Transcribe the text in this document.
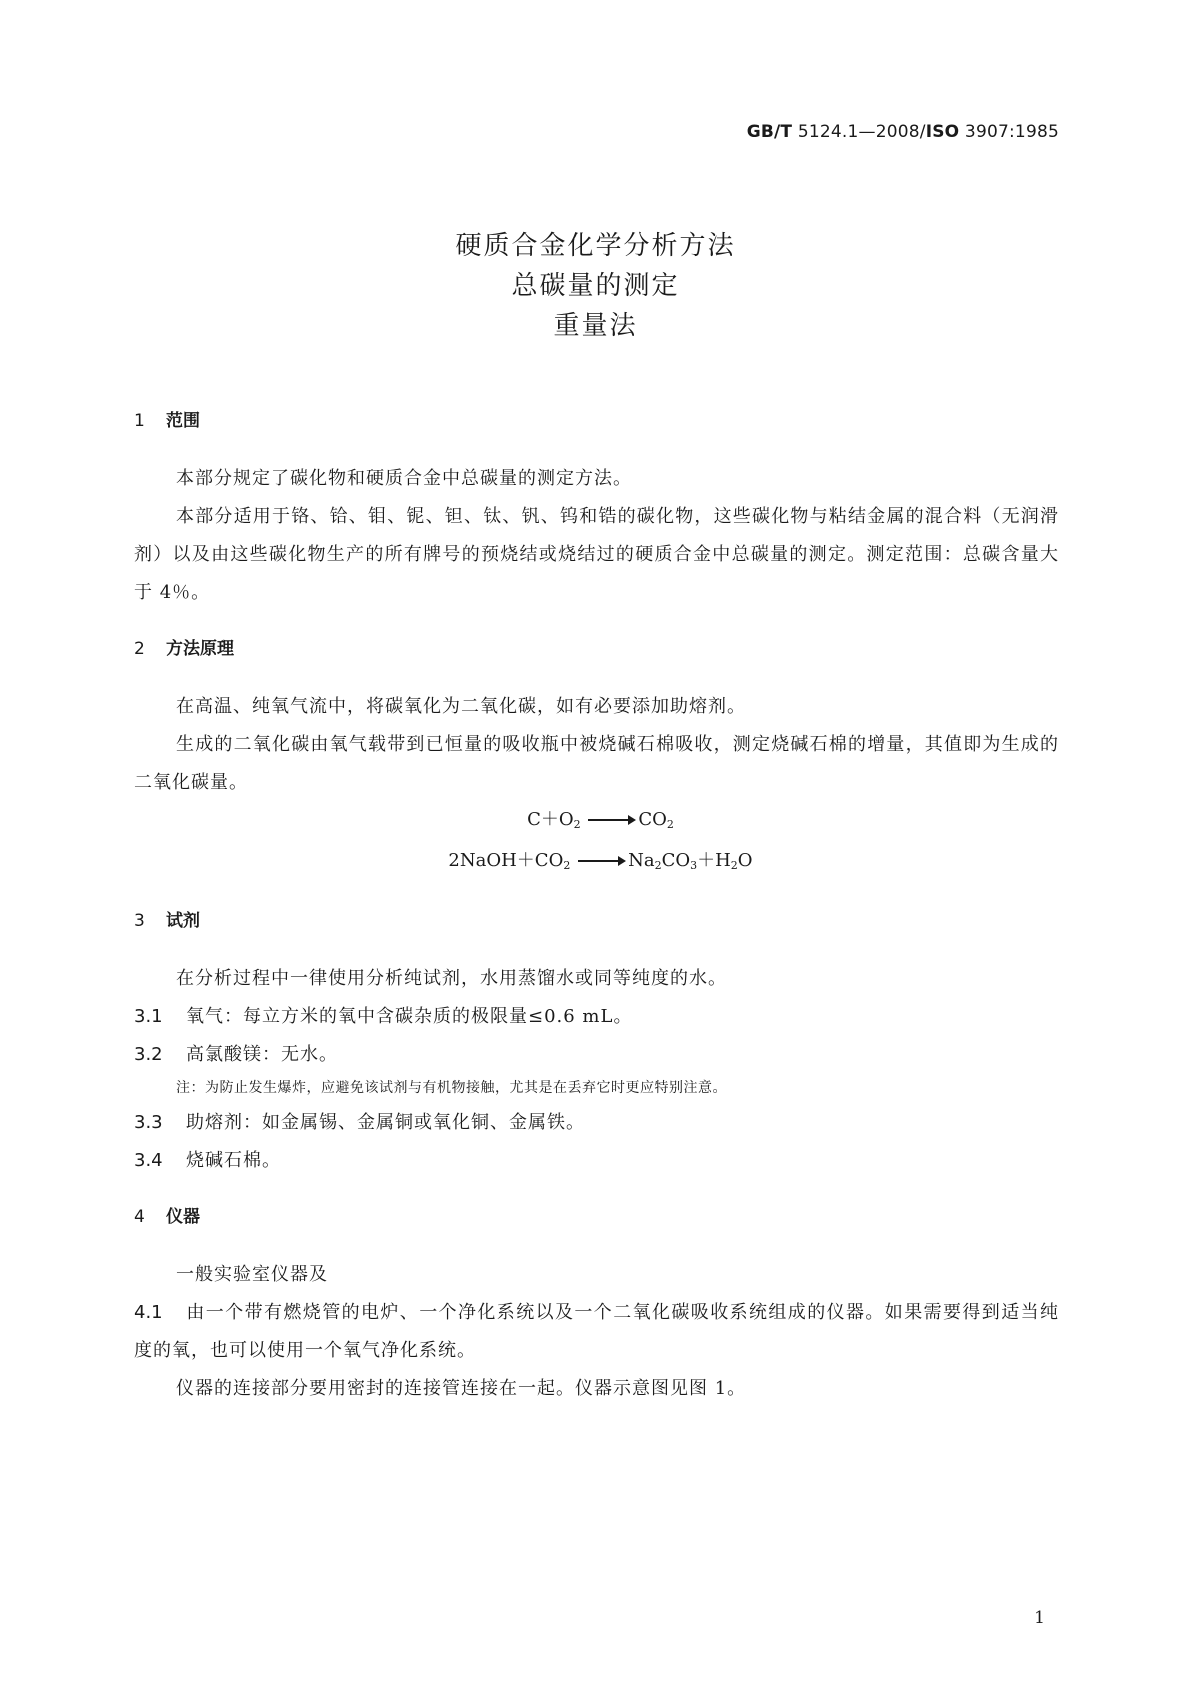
GB/T 5124.1—2008/ISO 3907:1985
硬质合金化学分析方法
总碳量的测定
重量法
1 范围

本部分规定了碳化物和硬质合金中总碳量的测定方法。

本部分适用于铬、铪、钼、铌、钽、钛、钒、钨和锆的碳化物，这些碳化物与粘结金属的混合料（无润滑剂）以及由这些碳化物生产的所有牌号的预烧结或烧结过的硬质合金中总碳量的测定。测定范围：总碳含量大于 4％。

2 方法原理

在高温、纯氧气流中，将碳氧化为二氧化碳，如有必要添加助熔剂。

生成的二氧化碳由氧气载带到已恒量的吸收瓶中被烧碱石棉吸收，测定烧碱石棉的增量，其值即为生成的二氧化碳量。

$C+O_2$	$CO_2$

$2NaOH+CO_2$	$Na_2CO_3+H_2O$

3 试剂

在分析过程中一律使用分析纯试剂，水用蒸馏水或同等纯度的水。

3.1 氧气：每立方米的氧中含碳杂质的极限量≤0.6 mL。

3.2 高氯酸镁：无水。

注：为防止发生爆炸，应避免该试剂与有机物接触，尤其是在丢弃它时更应特别注意。

3.3 助熔剂：如金属锡、金属铜或氧化铜、金属铁。

3.4 烧碱石棉。

4 仪器

一般实验室仪器及

4.1 由一个带有燃烧管的电炉、一个净化系统以及一个二氧化碳吸收系统组成的仪器。如果需要得到适当纯度的氧，也可以使用一个氧气净化系统。

仪器的连接部分要用密封的连接管连接在一起。仪器示意图见图 1。

1
